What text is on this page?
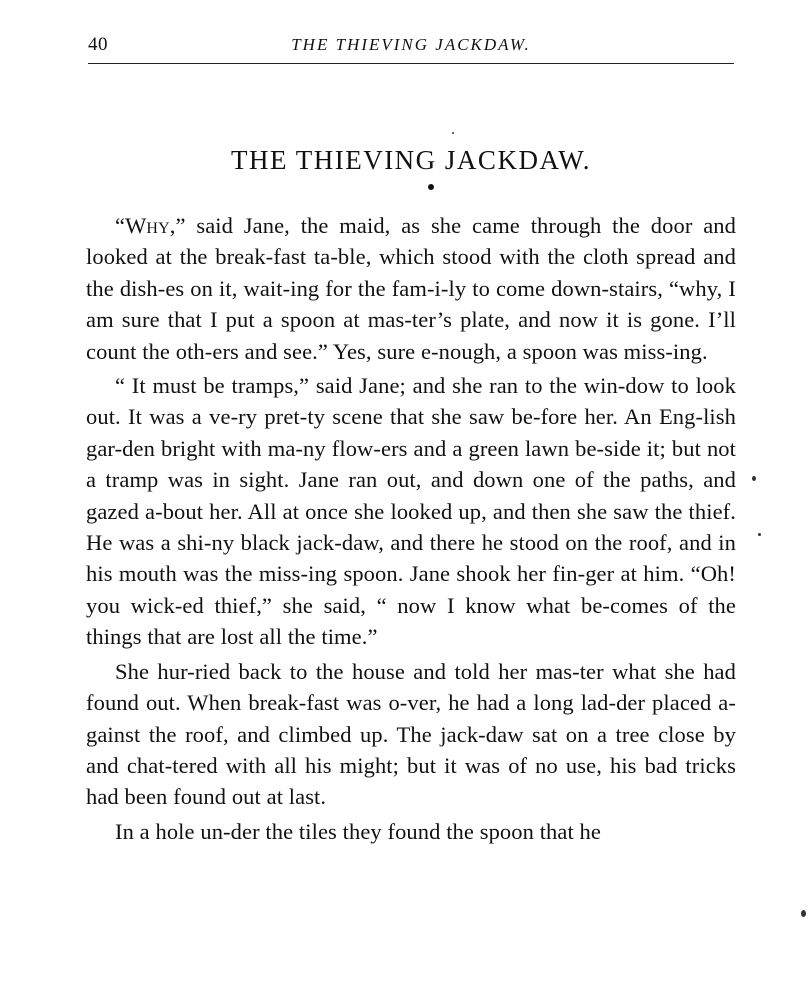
40	THE THIEVING JACKDAW.
THE THIEVING JACKDAW.

“Why,” said Jane, the maid, as she came through the door and looked at the break-fast ta-ble, which stood with the cloth spread and the dish-es on it, wait-ing for the fam-i-ly to come down-stairs, “why, I am sure that I put a spoon at mas-ter’s plate, and now it is gone. I’ll count the oth-ers and see.” Yes, sure e-nough, a spoon was miss-ing.

“ It must be tramps,” said Jane; and she ran to the win-dow to look out. It was a ve-ry pret-ty scene that she saw be-fore her. An Eng-lish gar-den bright with ma-ny flow-ers and a green lawn be-side it; but not a tramp was in sight. Jane ran out, and down one of the paths, and gazed a-bout her. All at once she looked up, and then she saw the thief. He was a shi-ny black jack-daw, and there he stood on the roof, and in his mouth was the miss-ing spoon. Jane shook her fin-ger at him. “Oh! you wick-ed thief,” she said, “ now I know what be-comes of the things that are lost all the time.”

She hur-ried back to the house and told her mas-ter what she had found out. When break-fast was o-ver, he had a long lad-der placed a-gainst the roof, and climbed up. The jack-daw sat on a tree close by and chat-tered with all his might; but it was of no use, his bad tricks had been found out at last.

In a hole un-der the tiles they found the spoon that he
